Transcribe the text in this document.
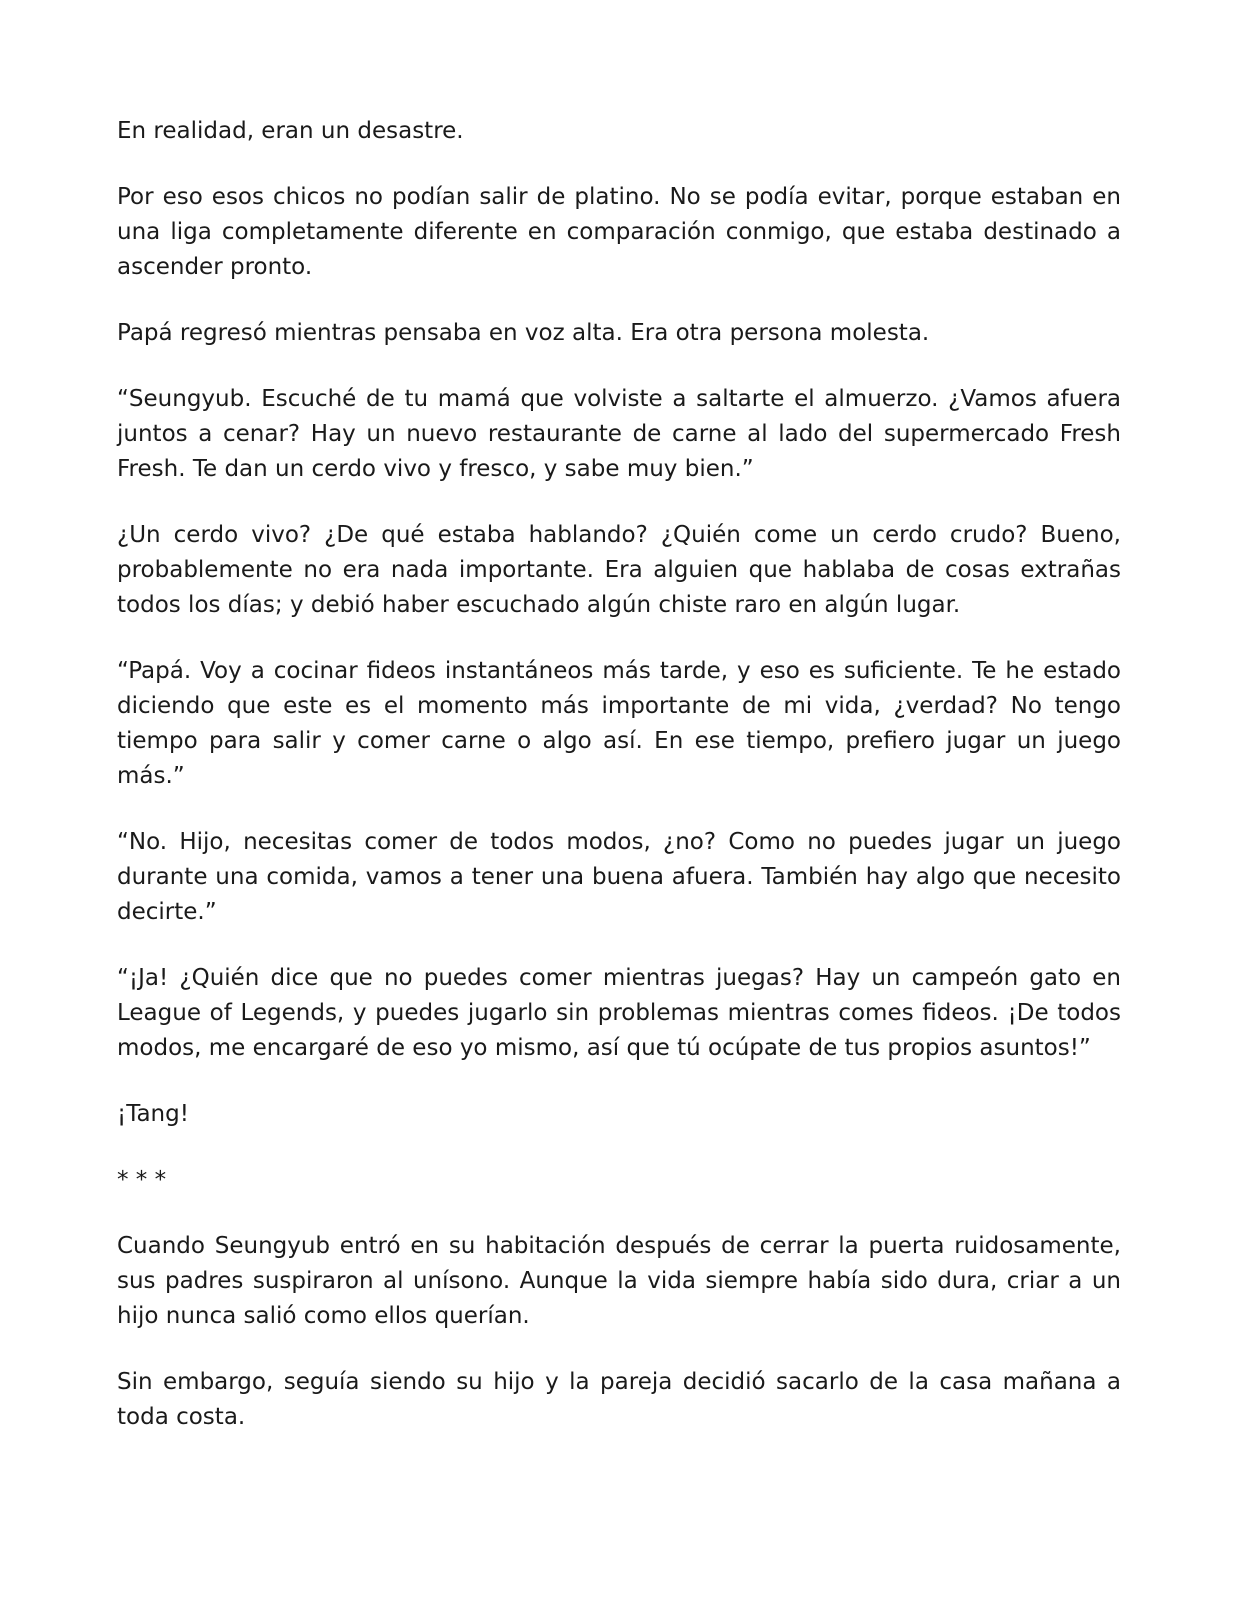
En realidad, eran un desastre.

Por eso esos chicos no podían salir de platino. No se podía evitar, porque estaban en una liga completamente diferente en comparación conmigo, que estaba destinado a ascender pronto.

Papá regresó mientras pensaba en voz alta. Era otra persona molesta.

“Seungyub. Escuché de tu mamá que volviste a saltarte el almuerzo. ¿Vamos afuera juntos a cenar? Hay un nuevo restaurante de carne al lado del supermercado Fresh Fresh. Te dan un cerdo vivo y fresco, y sabe muy bien.”

¿Un cerdo vivo? ¿De qué estaba hablando? ¿Quién come un cerdo crudo? Bueno, probablemente no era nada importante. Era alguien que hablaba de cosas extrañas todos los días; y debió haber escuchado algún chiste raro en algún lugar.

“Papá. Voy a cocinar fideos instantáneos más tarde, y eso es suficiente. Te he estado diciendo que este es el momento más importante de mi vida, ¿verdad? No tengo tiempo para salir y comer carne o algo así. En ese tiempo, prefiero jugar un juego más.”

“No. Hijo, necesitas comer de todos modos, ¿no? Como no puedes jugar un juego durante una comida, vamos a tener una buena afuera. También hay algo que necesito decirte.”

“¡Ja! ¿Quién dice que no puedes comer mientras juegas? Hay un campeón gato en League of Legends, y puedes jugarlo sin problemas mientras comes fideos. ¡De todos modos, me encargaré de eso yo mismo, así que tú ocúpate de tus propios asuntos!”

¡Tang!

* * *

Cuando Seungyub entró en su habitación después de cerrar la puerta ruidosamente, sus padres suspiraron al unísono. Aunque la vida siempre había sido dura, criar a un hijo nunca salió como ellos querían.

Sin embargo, seguía siendo su hijo y la pareja decidió sacarlo de la casa mañana a toda costa.
